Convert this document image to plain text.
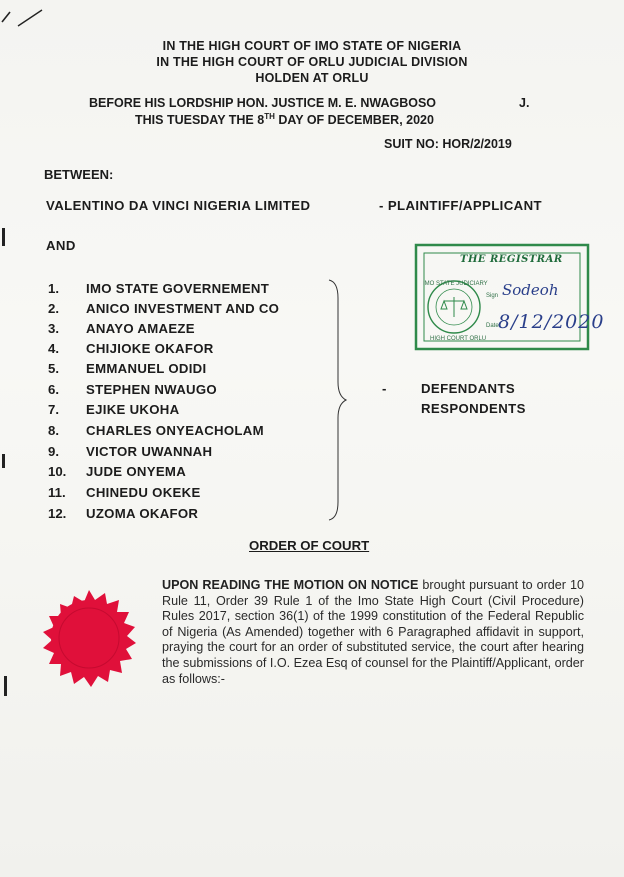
IN THE HIGH COURT OF IMO STATE OF NIGERIA
IN THE HIGH COURT OF ORLU JUDICIAL DIVISION
HOLDEN AT ORLU
BEFORE HIS LORDSHIP HON. JUSTICE M. E. NWAGBOSO	J.
THIS TUESDAY THE 8TH DAY OF DECEMBER, 2020
SUIT NO: HOR/2/2019
BETWEEN:
VALENTINO DA VINCI NIGERIA LIMITED	- PLAINTIFF/APPLICANT
AND
1.	IMO STATE GOVERNEMENT
2.	ANICO INVESTMENT AND CO
3.	ANAYO AMAEZE
4.	CHIJIOKE OKAFOR
5.	EMMANUEL ODIDI
6.	STEPHEN NWAUGO
7.	EJIKE UKOHA
8.	CHARLES ONYEACHOLAM
9.	VICTOR UWANNAH
10.	JUDE ONYEMA
11.	CHINEDU OKEKE
12.	UZOMA OKAFOR
-	DEFENDANTS
RESPONDENTS
THE REGISTRAR
IMO STATE JUDICIARY
HIGH COURT ORLU
Sign
Date
Sodeoh
8/12/2020
ORDER OF COURT
UPON READING THE MOTION ON NOTICE brought pursuant to order 10 Rule 11, Order 39 Rule 1 of the Imo State High Court (Civil Procedure) Rules 2017, section 36(1) of the 1999 constitution of the Federal Republic of Nigeria (As Amended) together with 6 Paragraphed affidavit in support, praying the court for an order of substituted service, the court after hearing the submissions of I.O. Ezea Esq of counsel for the Plaintiff/Applicant, order as follows:-
